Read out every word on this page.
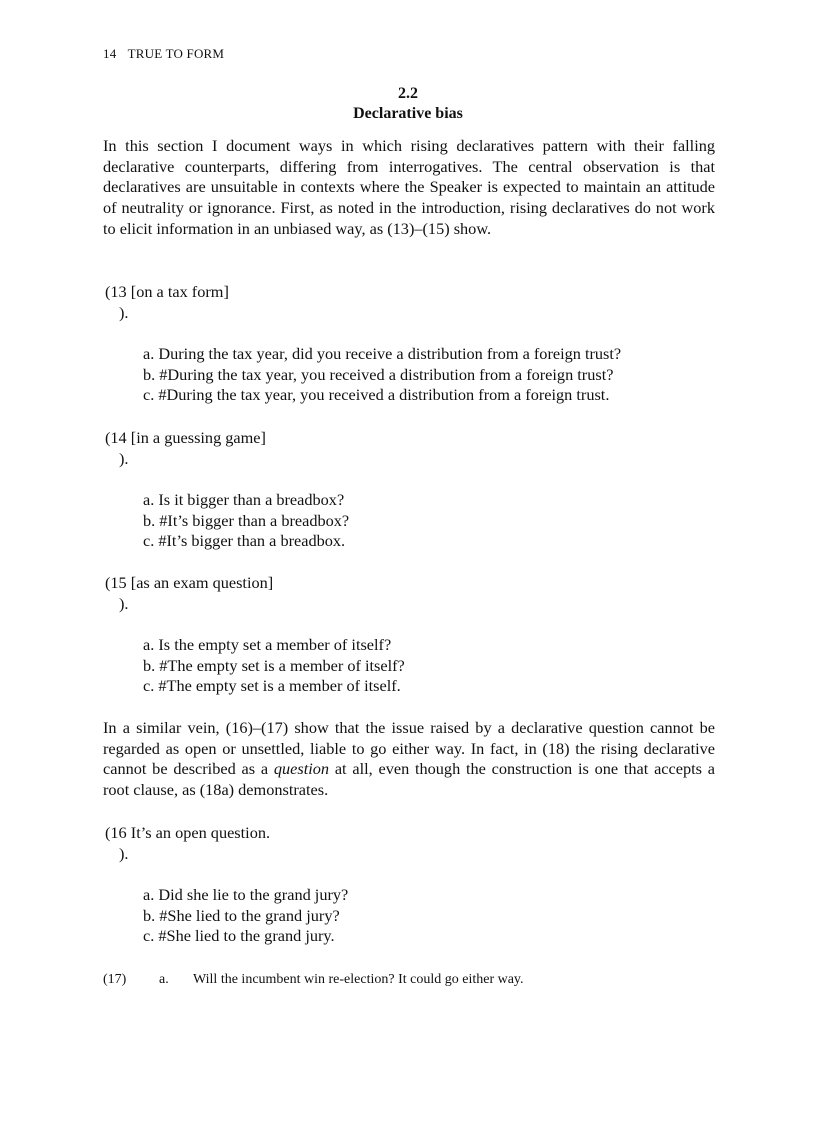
14 TRUE TO FORM
2.2
Declarative bias
In this section I document ways in which rising declaratives pattern with their falling declarative counterparts, differing from interrogatives. The central observation is that declaratives are unsuitable in contexts where the Speaker is expected to maintain an attitude of neutrality or ignorance. First, as noted in the introduction, rising declaratives do not work to elicit information in an unbiased way, as (13)–(15) show.
(13 [on a tax form]
).
a. During the tax year, did you receive a distribution from a foreign trust?
b. #During the tax year, you received a distribution from a foreign trust?
c. #During the tax year, you received a distribution from a foreign trust.
(14 [in a guessing game]
).
a. Is it bigger than a breadbox?
b. #It’s bigger than a breadbox?
c. #It’s bigger than a breadbox.
(15 [as an exam question]
).
a. Is the empty set a member of itself?
b. #The empty set is a member of itself?
c. #The empty set is a member of itself.
In a similar vein, (16)–(17) show that the issue raised by a declarative question cannot be regarded as open or unsettled, liable to go either way. In fact, in (18) the rising declarative cannot be described as a question at all, even though the construction is one that accepts a root clause, as (18a) demonstrates.
(16 It’s an open question.
).
a. Did she lie to the grand jury?
b. #She lied to the grand jury?
c. #She lied to the grand jury.
(17) a. Will the incumbent win re-election? It could go either way.
